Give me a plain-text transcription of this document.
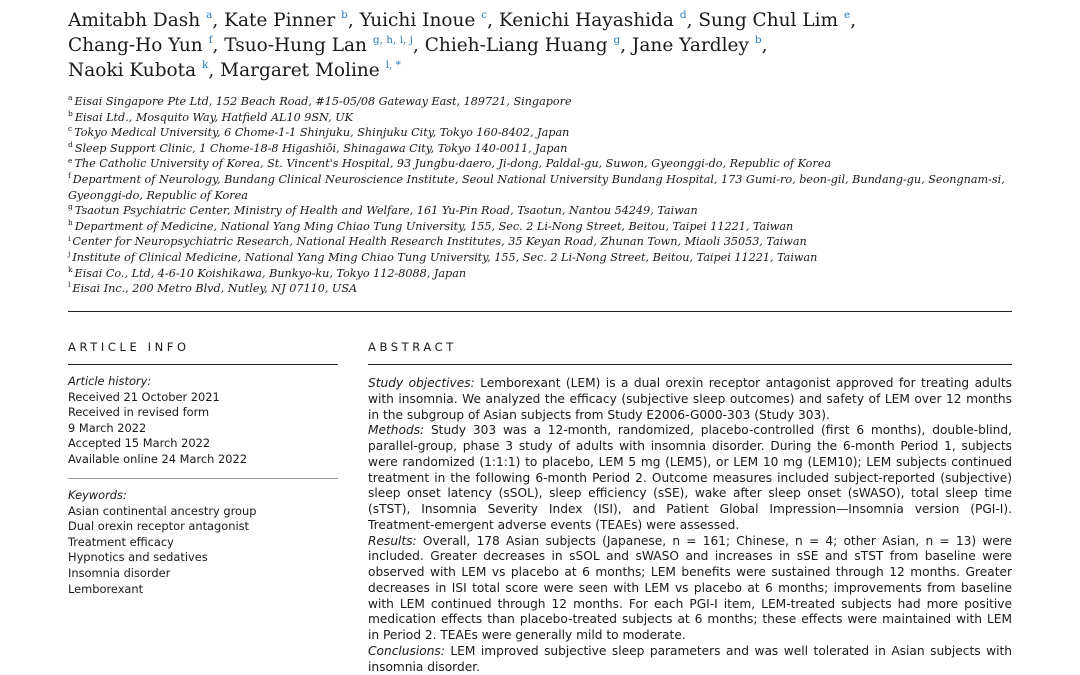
Amitabh Dash $^a$, Kate Pinner $^b$, Yuichi Inoue $^c$, Kenichi Hayashida $^d$, Sung Chul Lim $^e$,
Chang-Ho Yun $^f$, Tsuo-Hung Lan $^{g, h, i, j}$, Chieh-Liang Huang $^g$, Jane Yardley $^b$,
Naoki Kubota $^k$, Margaret Moline $^{l, *}$

$^a$ Eisai Singapore Pte Ltd, 152 Beach Road, #15-05/08 Gateway East, 189721, Singapore

$^b$ Eisai Ltd., Mosquito Way, Hatfield AL10 9SN, UK

$^c$ Tokyo Medical University, 6 Chome-1-1 Shinjuku, Shinjuku City, Tokyo 160-8402, Japan

$^d$ Sleep Support Clinic, 1 Chome-18-8 Higashiōi, Shinagawa City, Tokyo 140-0011, Japan

$^e$ The Catholic University of Korea, St. Vincent's Hospital, 93 Jungbu-daero, Ji-dong, Paldal-gu, Suwon, Gyeonggi-do, Republic of Korea

$^f$ Department of Neurology, Bundang Clinical Neuroscience Institute, Seoul National University Bundang Hospital, 173 Gumi-ro, beon-gil, Bundang-gu, Seongnam-si, Gyeonggi-do, Republic of Korea

$^g$ Tsaotun Psychiatric Center, Ministry of Health and Welfare, 161 Yu-Pin Road, Tsaotun, Nantou 54249, Taiwan

$^h$ Department of Medicine, National Yang Ming Chiao Tung University, 155, Sec. 2 Li-Nong Street, Beitou, Taipei 11221, Taiwan

$^i$ Center for Neuropsychiatric Research, National Health Research Institutes, 35 Keyan Road, Zhunan Town, Miaoli 35053, Taiwan

$^j$ Institute of Clinical Medicine, National Yang Ming Chiao Tung University, 155, Sec. 2 Li-Nong Street, Beitou, Taipei 11221, Taiwan

$^k$ Eisai Co., Ltd, 4-6-10 Koishikawa, Bunkyo-ku, Tokyo 112-8088, Japan

$^l$ Eisai Inc., 200 Metro Blvd, Nutley, NJ 07110, USA

ARTICLE INFO
Article history:
Received 21 October 2021
Received in revised form
9 March 2022
Accepted 15 March 2022
Available online 24 March 2022
Keywords:
Asian continental ancestry group
Dual orexin receptor antagonist
Treatment efficacy
Hypnotics and sedatives
Insomnia disorder
Lemborexant
ABSTRACT

Study objectives: Lemborexant (LEM) is a dual orexin receptor antagonist approved for treating adults with insomnia. We analyzed the efficacy (subjective sleep outcomes) and safety of LEM over 12 months in the subgroup of Asian subjects from Study E2006-G000-303 (Study 303).

Methods: Study 303 was a 12-month, randomized, placebo-controlled (first 6 months), double-blind, parallel-group, phase 3 study of adults with insomnia disorder. During the 6-month Period 1, subjects were randomized (1:1:1) to placebo, LEM 5 mg (LEM5), or LEM 10 mg (LEM10); LEM subjects continued treatment in the following 6-month Period 2. Outcome measures included subject-reported (subjective) sleep onset latency (sSOL), sleep efficiency (sSE), wake after sleep onset (sWASO), total sleep time (sTST), Insomnia Severity Index (ISI), and Patient Global Impression—Insomnia version (PGI-I). Treatment-emergent adverse events (TEAEs) were assessed.

Results: Overall, 178 Asian subjects (Japanese, n = 161; Chinese, n = 4; other Asian, n = 13) were included. Greater decreases in sSOL and sWASO and increases in sSE and sTST from baseline were observed with LEM vs placebo at 6 months; LEM benefits were sustained through 12 months. Greater decreases in ISI total score were seen with LEM vs placebo at 6 months; improvements from baseline with LEM continued through 12 months. For each PGI-I item, LEM-treated subjects had more positive medication effects than placebo-treated subjects at 6 months; these effects were maintained with LEM in Period 2. TEAEs were generally mild to moderate.

Conclusions: LEM improved subjective sleep parameters and was well tolerated in Asian subjects with insomnia disorder.
